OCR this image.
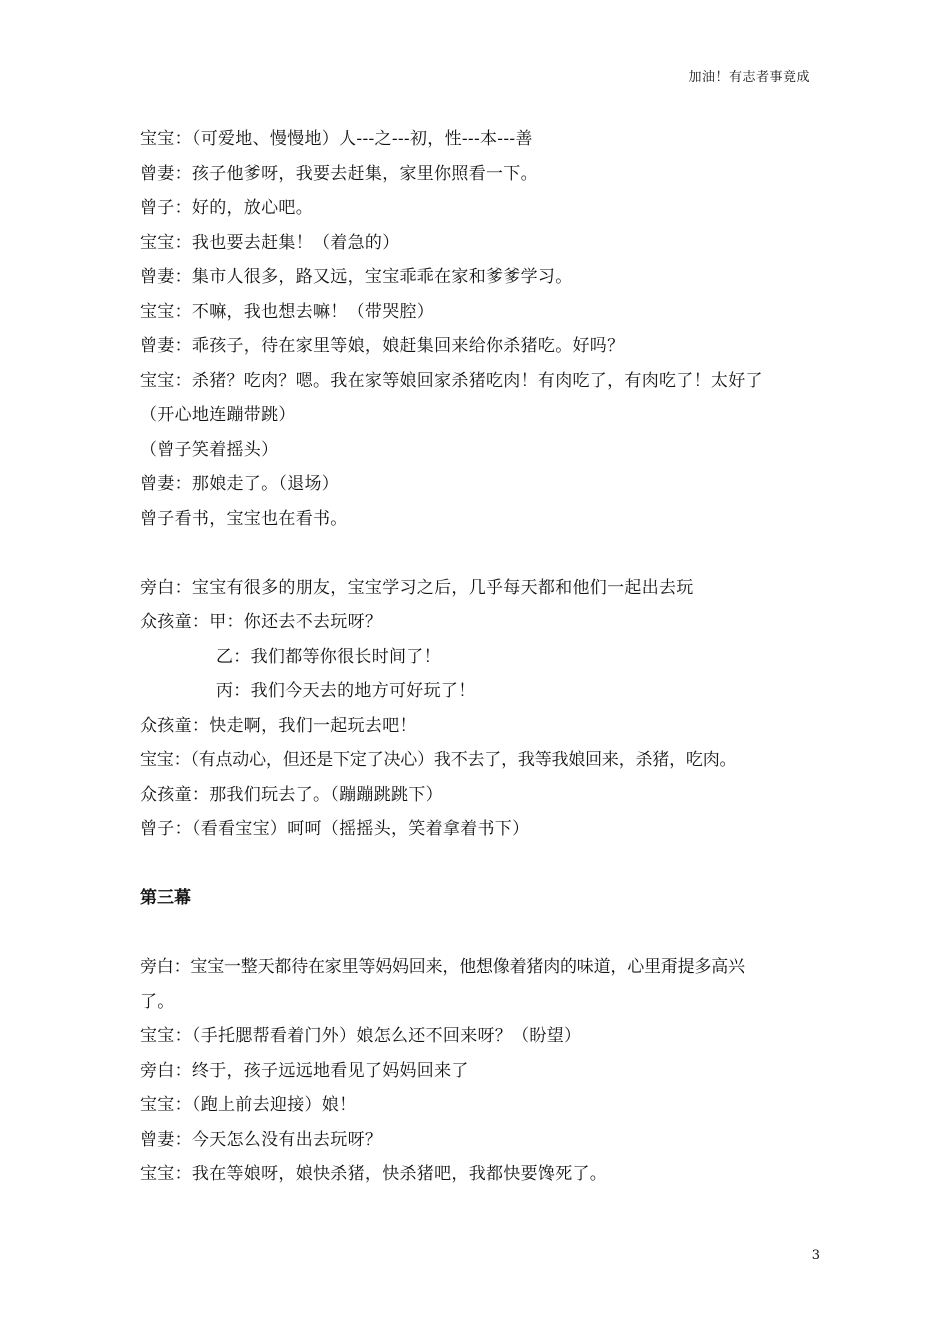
加油！有志者事竟成
宝宝：（可爱地、慢慢地）人---之---初，性---本---善
曾妻：孩子他爹呀，我要去赶集，家里你照看一下。
曾子：好的，放心吧。
宝宝：我也要去赶集！（着急的）
曾妻：集市人很多，路又远，宝宝乖乖在家和爹爹学习。
宝宝：不嘛，我也想去嘛！（带哭腔）
曾妻：乖孩子，待在家里等娘，娘赶集回来给你杀猪吃。好吗？
宝宝：杀猪？吃肉？嗯。我在家等娘回家杀猪吃肉！有肉吃了，有肉吃了！太好了
（开心地连蹦带跳）
（曾子笑着摇头）
曾妻：那娘走了。（退场）
曾子看书，宝宝也在看书。
旁白：宝宝有很多的朋友，宝宝学习之后，几乎每天都和他们一起出去玩
众孩童：甲：你还去不去玩呀？
乙：我们都等你很长时间了！
丙：我们今天去的地方可好玩了！
众孩童：快走啊，我们一起玩去吧！
宝宝：（有点动心，但还是下定了决心）我不去了，我等我娘回来，杀猪，吃肉。
众孩童：那我们玩去了。（蹦蹦跳跳下）
曾子：（看看宝宝）呵呵（摇摇头，笑着拿着书下）
第三幕
旁白：宝宝一整天都待在家里等妈妈回来，他想像着猪肉的味道，心里甭提多高兴
了。
宝宝：（手托腮帮看着门外）娘怎么还不回来呀？（盼望）
旁白：终于，孩子远远地看见了妈妈回来了
宝宝：（跑上前去迎接）娘！
曾妻：今天怎么没有出去玩呀？
宝宝：我在等娘呀，娘快杀猪，快杀猪吧，我都快要馋死了。
3
